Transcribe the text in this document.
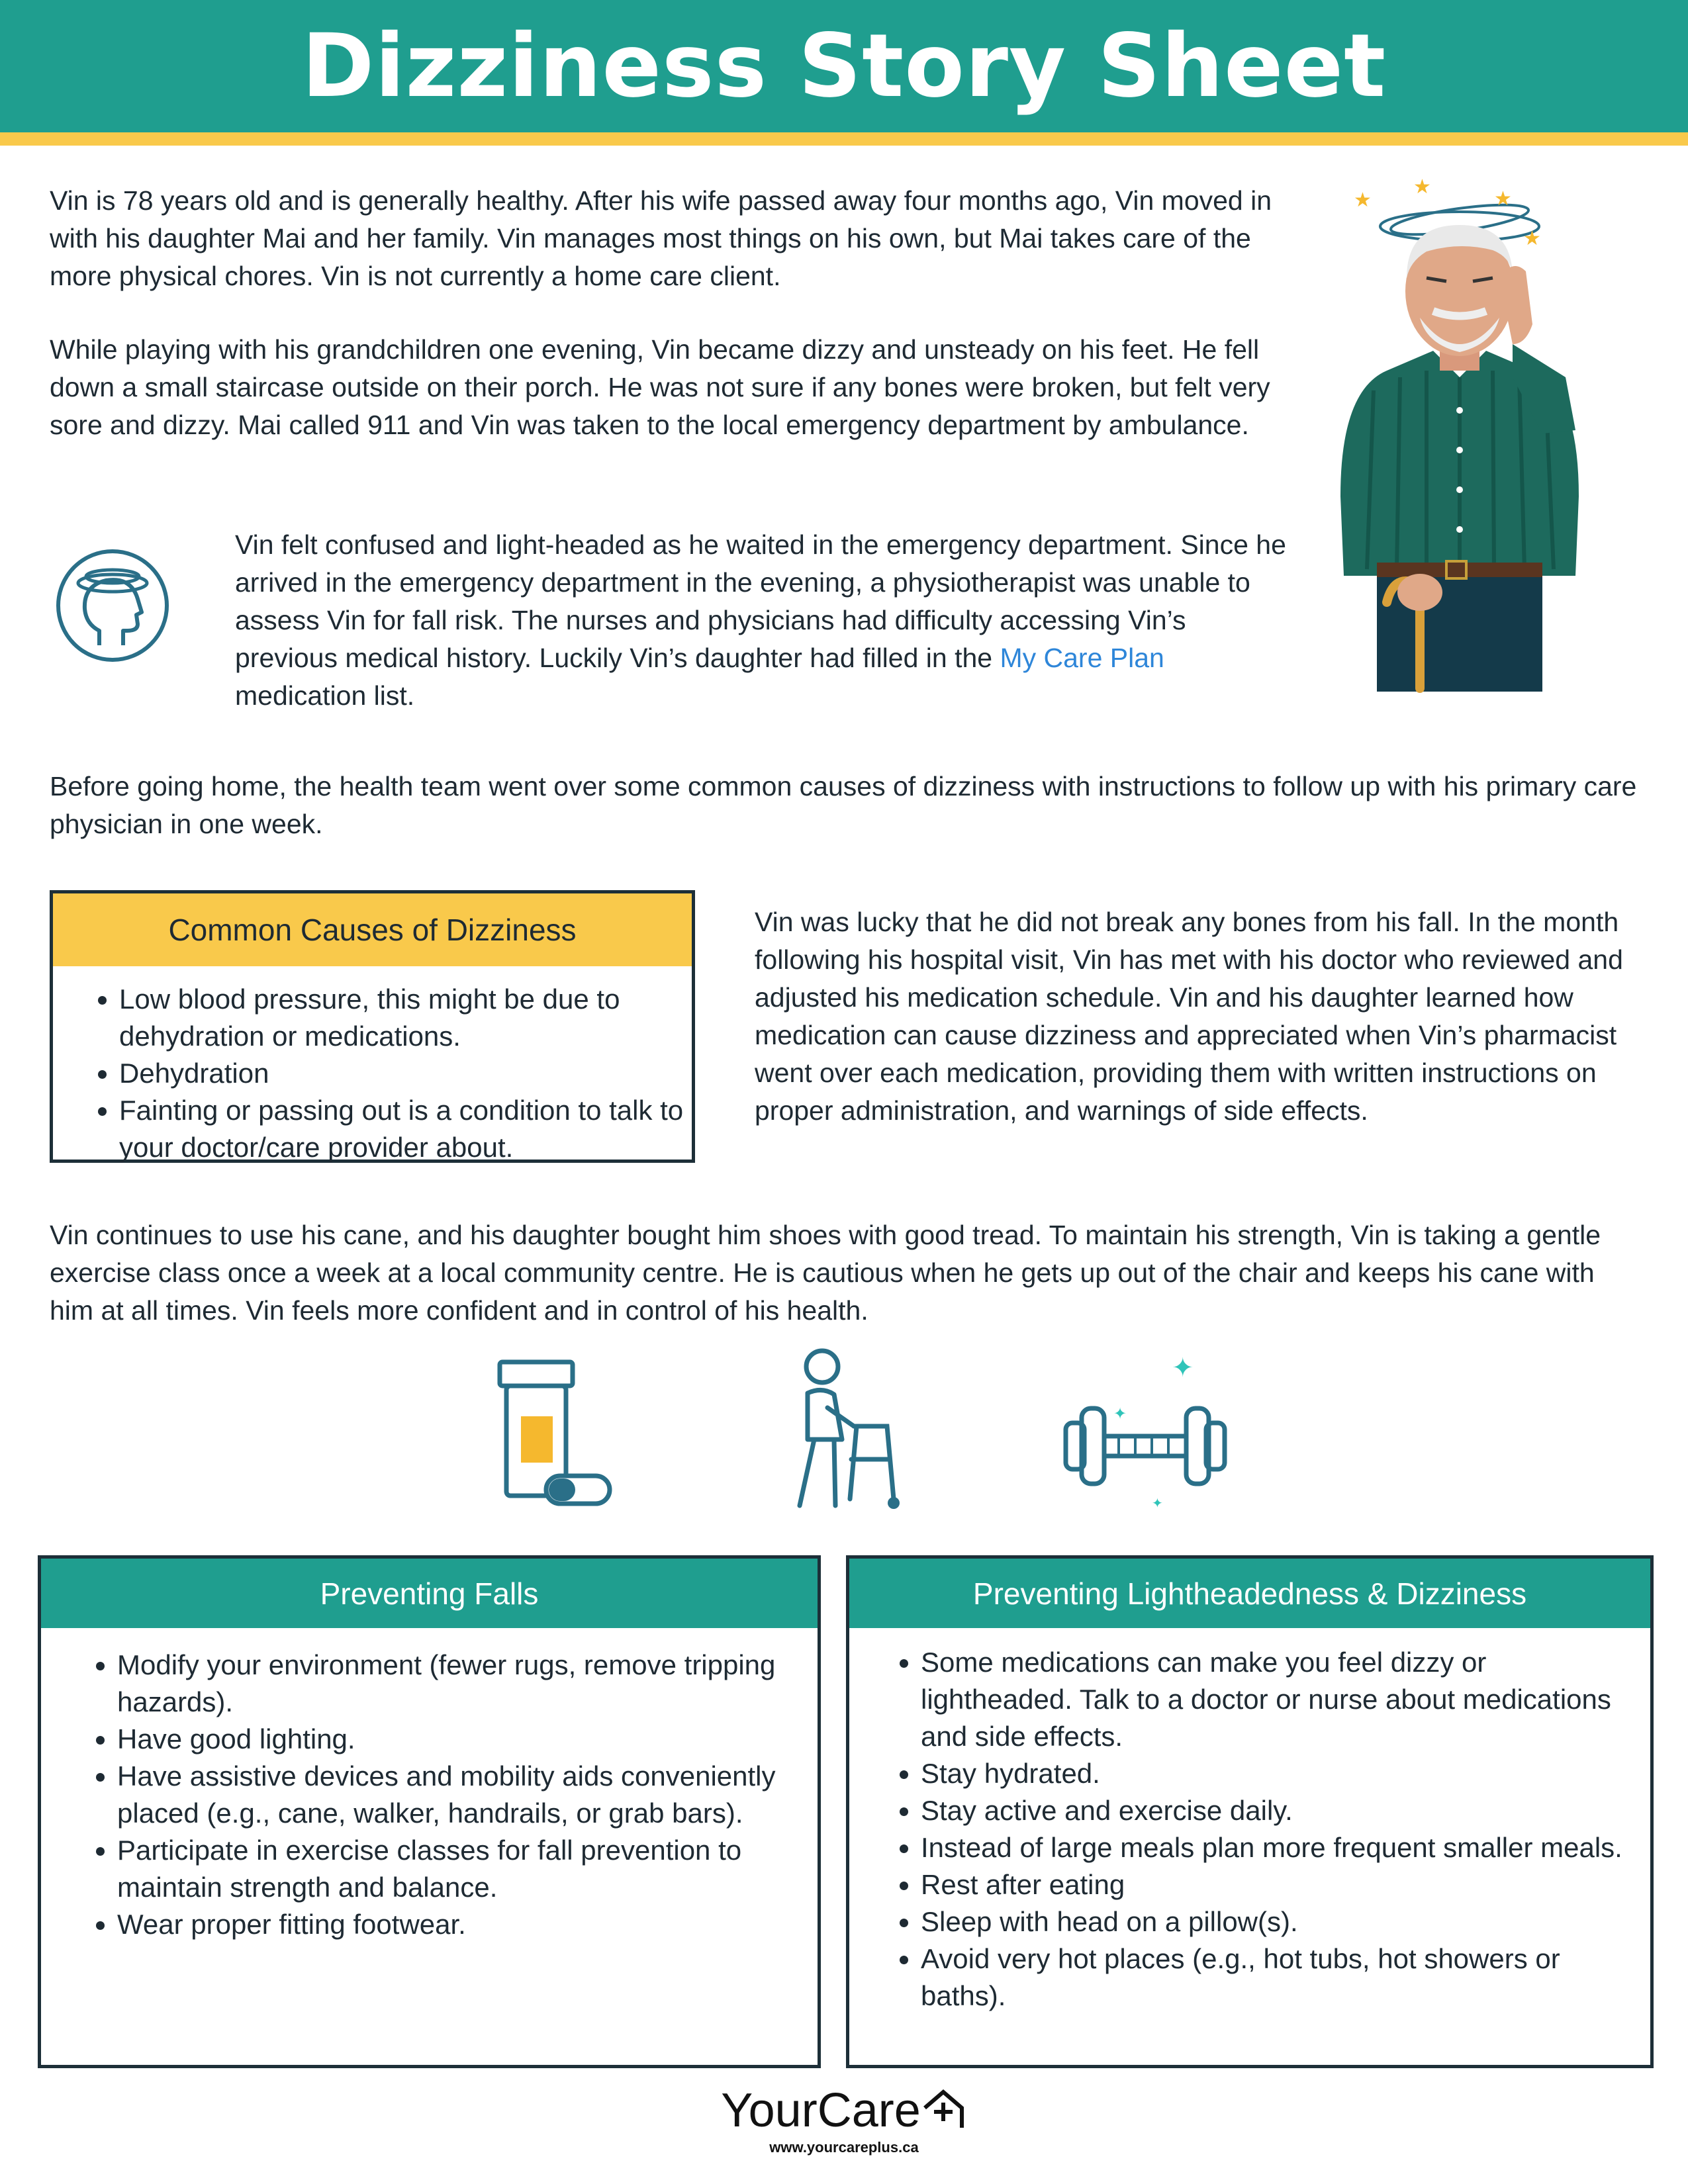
Dizziness Story Sheet

Vin is 78 years old and is generally healthy. After his wife passed away four months ago, Vin moved in with his daughter Mai and her family. Vin manages most things on his own, but Mai takes care of the more physical chores. Vin is not currently a home care client.

While playing with his grandchildren one evening, Vin became dizzy and unsteady on his feet. He fell down a small staircase outside on their porch. He was not sure if any bones were broken, but felt very sore and dizzy. Mai called 911 and Vin was taken to the local emergency department by ambulance.

Vin felt confused and light-headed as he waited in the emergency department. Since he arrived in the emergency department in the evening, a physiotherapist was unable to assess Vin for fall risk. The nurses and physicians had difficulty accessing Vin’s previous medical history. Luckily Vin’s daughter had filled in the My Care Plan medication list.

★
★
★
★

Before going home, the health team went over some common causes of dizziness with instructions to follow up with his primary care physician in one week.

Common Causes of Dizziness
• Low blood pressure, this might be due to dehydration or medications.
• Dehydration
• Fainting or passing out is a condition to talk to your doctor/care provider about.

Vin was lucky that he did not break any bones from his fall. In the month following his hospital visit, Vin has met with his doctor who reviewed and adjusted his medication schedule. Vin and his daughter learned how medication can cause dizziness and appreciated when Vin’s pharmacist went over each medication, providing them with written instructions on proper administration, and warnings of side effects.

Vin continues to use his cane, and his daughter bought him shoes with good tread. To maintain his strength, Vin is taking a gentle exercise class once a week at a local community centre. He is cautious when he gets up out of the chair and keeps his cane with him at all times. Vin feels more confident and in control of his health.

✦
✦
✦
Preventing Falls
• Modify your environment (fewer rugs, remove tripping hazards).
• Have good lighting.
• Have assistive devices and mobility aids conveniently placed (e.g., cane, walker, handrails, or grab bars).
• Participate in exercise classes for fall prevention to maintain strength and balance.
• Wear proper fitting footwear.
Preventing Lightheadedness & Dizziness
• Some medications can make you feel dizzy or lightheaded. Talk to a doctor or nurse about medications and side effects.
• Stay hydrated.
• Stay active and exercise daily.
• Instead of large meals plan more frequent smaller meals.
• Rest after eating
• Sleep with head on a pillow(s).
• Avoid very hot places (e.g., hot tubs, hot showers or baths).
YourCare
www.yourcareplus.ca
